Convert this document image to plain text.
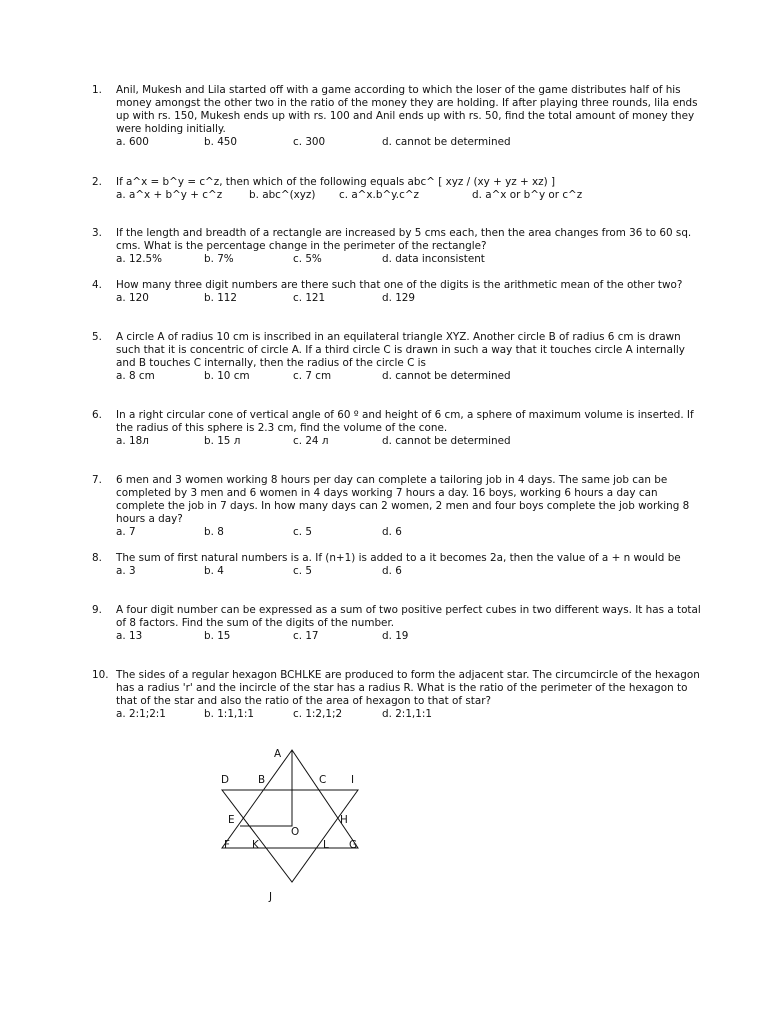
1.	Anil, Mukesh and Lila started off with a game according to which the loser of the game distributes half of his money amongst the other two in the ratio of the money they are holding. If after playing three rounds, lila ends up with rs. 150, Mukesh ends up with rs. 100 and Anil ends up with rs. 50, find the total amount of money they were holding initially.
a. 600	b. 450	c. 300	d. cannot be determined
2.	If a^x = b^y = c^z, then which of the following equals abc^ [ xyz / (xy + yz + xz) ]
a. a^x + b^y + c^z	b. abc^(xyz) c. a^x.b^y.c^z	d. a^x or b^y or c^z
3.	If the length and breadth of a rectangle are increased by 5 cms each, then the area changes from 36 to 60 sq. cms. What is the percentage change in the perimeter of the rectangle?
a. 12.5%	b. 7%	c. 5%	d. data inconsistent
4.	How many three digit numbers are there such that one of the digits is the arithmetic mean of the other two?
a. 120	b. 112	c. 121	d. 129
5.	A circle A of radius 10 cm is inscribed in an equilateral triangle XYZ. Another circle B of radius 6 cm is drawn such that it is concentric of circle A. If a third circle C is drawn in such a way that it touches circle A internally and B touches C internally, then the radius of the circle C is
a. 8 cm	b. 10 cm	c. 7 cm	d. cannot be determined
6.	In a right circular cone of vertical angle of 60 º and height of 6 cm, a sphere of maximum volume is inserted. If the radius of this sphere is 2.3 cm, find the volume of the cone.
a. 18л	b. 15 л	c. 24 л	d. cannot be determined
7.	6 men and 3 women working 8 hours per day can complete a tailoring job in 4 days. The same job can be completed by 3 men and 6 women in 4 days working 7 hours a day. 16 boys, working 6 hours a day can complete the job in 7 days. In how many days can 2 women, 2 men and four boys complete the job working 8 hours a day?
a. 7	b. 8	c. 5	d. 6
8.	The sum of first natural numbers is a. If (n+1) is added to a it becomes 2a, then the value of a + n would be
a. 3	b. 4	c. 5	d. 6
9.	A four digit number can be expressed as a sum of two positive perfect cubes in two different ways. It has a total of 8 factors. Find the sum of the digits of the number.
a. 13	b. 15	c. 17	d. 19
10. The sides of a regular hexagon BCHLKE are produced to form the adjacent star. The circumcircle of the hexagon has a radius 'r' and the incircle of the star has a radius R. What is the ratio of the perimeter of the hexagon to that of the star and also the ratio of the area of hexagon to that of star?
a. 2:1;2:1	b. 1:1,1:1	c. 1:2,1;2	d. 2:1,1:1
A
D	B	C I
E	H
O
F K	L G
J
